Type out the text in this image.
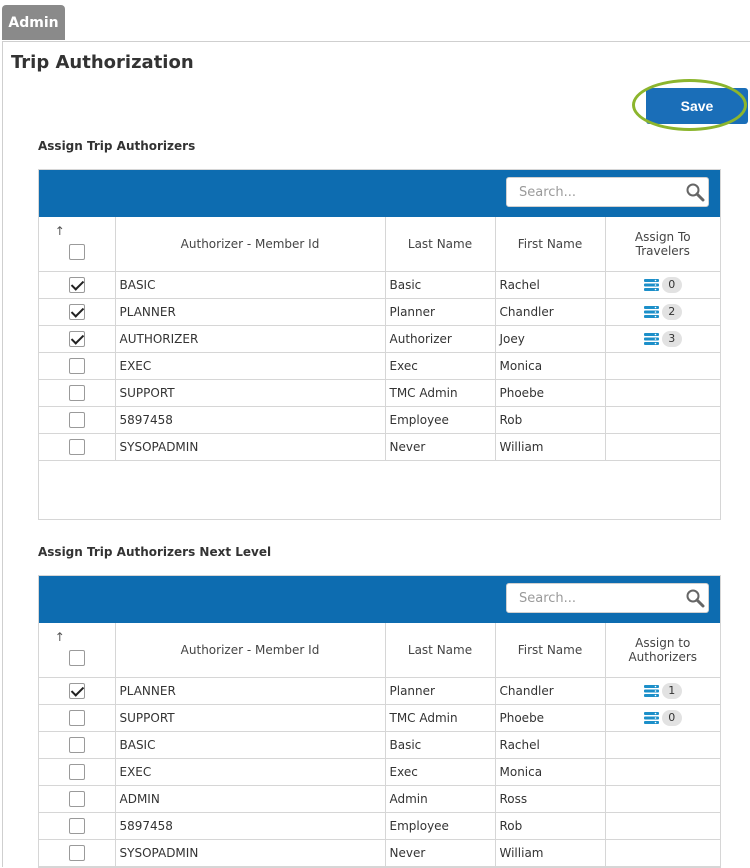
Admin
Trip Authorization
Save
Assign Trip Authorizers
Search...
↑	Authorizer - Member Id	Last Name	First Name	Assign To Travelers
	BASIC	Basic	Rachel	0

	PLANNER	Planner	Chandler	2

	AUTHORIZER	Authorizer	Joey	3

	EXEC	Exec	Monica	
	SUPPORT	TMC Admin	Phoebe	
	5897458	Employee	Rob	
	SYSOPADMIN	Never	William	
Assign Trip Authorizers Next Level
Search...
↑	Authorizer - Member Id	Last Name	First Name	Assign to Authorizers
	PLANNER	Planner	Chandler	1

	SUPPORT	TMC Admin	Phoebe	0

	BASIC	Basic	Rachel	
	EXEC	Exec	Monica	
	ADMIN	Admin	Ross	
	5897458	Employee	Rob	
	SYSOPADMIN	Never	William	
